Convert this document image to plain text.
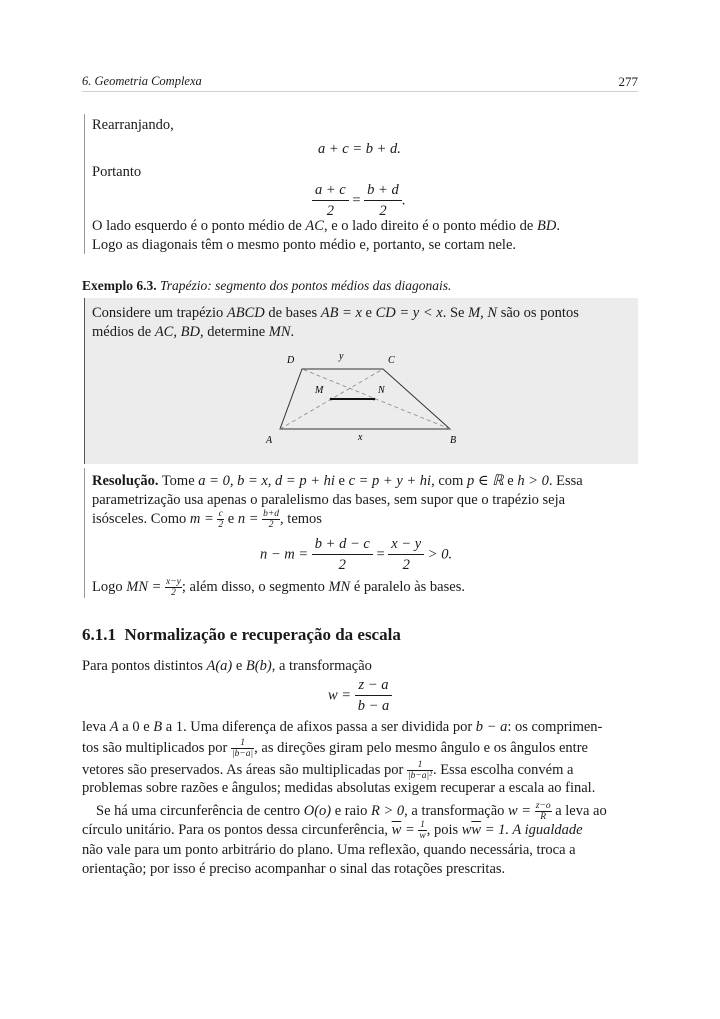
6. Geometria Complexa	277
Rearranjando,
a + c = b + d.
Portanto
$\frac{a + c}{2} = \frac{b + d}{2}$ .
O lado esquerdo é o ponto médio de AC, e o lado direito é o ponto médio de BD.
Logo as diagonais têm o mesmo ponto médio e, portanto, se cortam nele.
Exemplo 6.3. Trapézio: segmento dos pontos médios das diagonais.
Considere um trapézio ABCD de bases AB = x e CD = y < x. Se M, N são os pontos
médios de AC, BD, determine MN.
D	y	C
M	N
A	x	B
Resolução. Tome a = 0, b = x, d = p + hi e c = p + y + hi, com p ∈ ℝ e h > 0. Essa
parametrização usa apenas o paralelismo das bases, sem supor que o trapézio seja
isósceles. Como $m = \frac{c}{2}$ e $n = \frac{b+d}{2}$ , temos
$n - m = \frac{b + d - c}{2} = \frac{x - y}{2} > 0$.
Logo MN = $\frac{x-y}{2}$ ; além disso, o segmento MN é paralelo às bases.
6.1.1 Normalização e recuperação da escala
Para pontos distintos A(a) e B(b), a transformação
$w = \frac{z - a}{b - a}$
leva A a 0 e B a 1. Uma diferença de afixos passa a ser dividida por b − a: os comprimen-
tos são multiplicados por $\frac{1}{|b-a|}$ , as direções giram pelo mesmo ângulo e os ângulos entre
vetores são preservados. As áreas são multiplicadas por $\frac{1}{\text{|b−a|²}}$ . Essa escolha convém a
problemas sobre razões e ângulos; medidas absolutas exigem recuperar a escala ao final.
Se há uma circunferência de centro O(o) e raio R > 0, a transformação $w = \frac{z-o}{R}$ a leva ao
círculo unitário. Para os pontos dessa circunferência, $\overline{w} = \frac{1}{w}$ , pois $w\overline{w} = 1$. A igualdade
não vale para um ponto arbitrário do plano. Uma reflexão, quando necessária, troca a
orientação; por isso é preciso acompanhar o sinal das rotações prescritas.
